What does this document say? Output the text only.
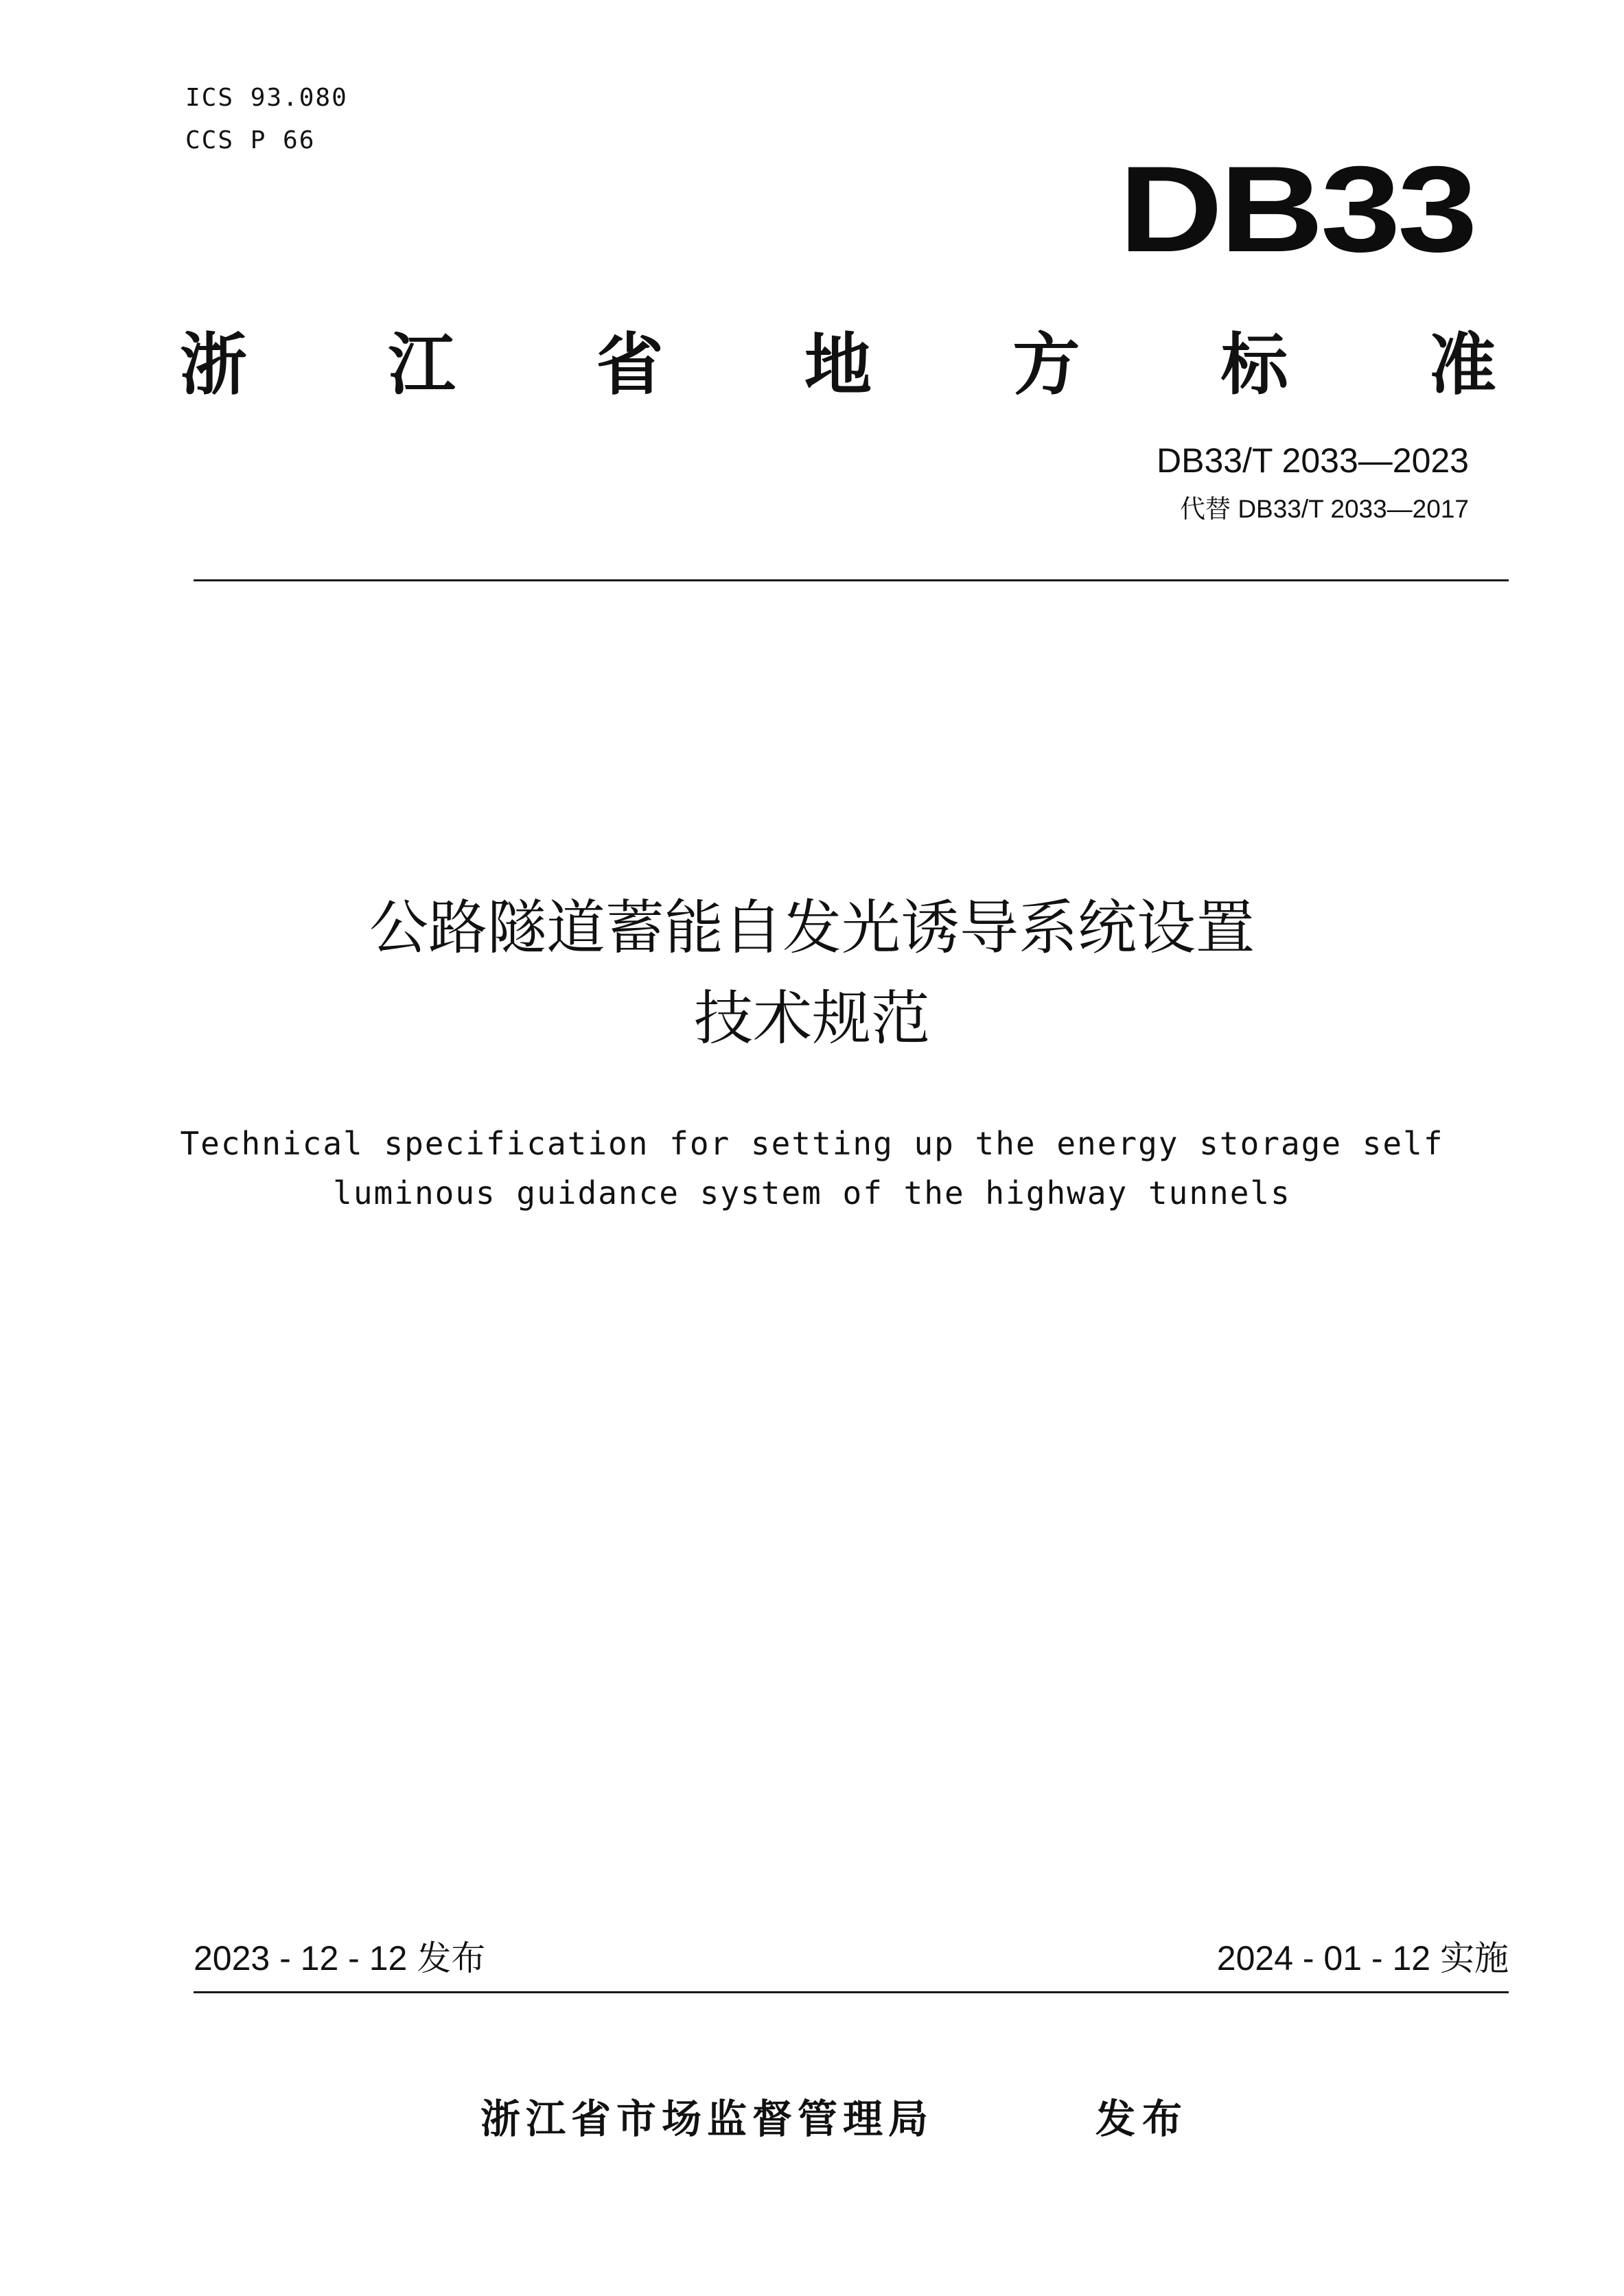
ICS 93.080
CCS P 66
DB33
浙 江 省 地 方 标 准
DB33/T 2033—2023
代替 DB33/T 2033—2017
公路隧道蓄能自发光诱导系统设置
技术规范
Technical specification for setting up the energy storage self
luminous guidance system of the highway tunnels
2023 - 12 - 12 发布	2024 - 01 - 12 实施
浙江省市场监督管理局	发布
